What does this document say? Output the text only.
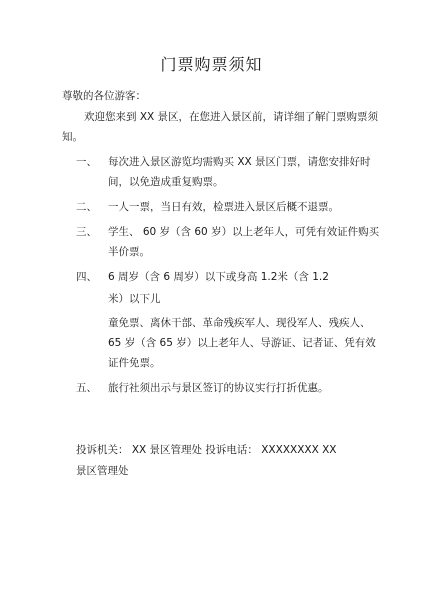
门票购票须知
尊敬的各位游客：
欢迎您来到 XX 景区，在您进入景区前，请详细了解门票购票须
知。
一、 每次进入景区游览均需购买 XX 景区门票，请您安排好时
间，以免造成重复购票。
二、 一人一票，当日有效，检票进入景区后概不退票。
三、 学生、 60 岁（含 60 岁）以上老年人，可凭有效证件购买
半价票。
四、 6 周岁（含 6 周岁）以下或身高 1.2米（含 1.2
米）以下儿
童免票、离休干部、革命残疾军人、现役军人、残疾人、
65 岁（含 65 岁）以上老年人、导游证、记者证、凭有效
证件免票。
五、 旅行社须出示与景区签订的协议实行打折优惠。
投诉机关： XX 景区管理处 投诉电话： XXXXXXXX XX
景区管理处
